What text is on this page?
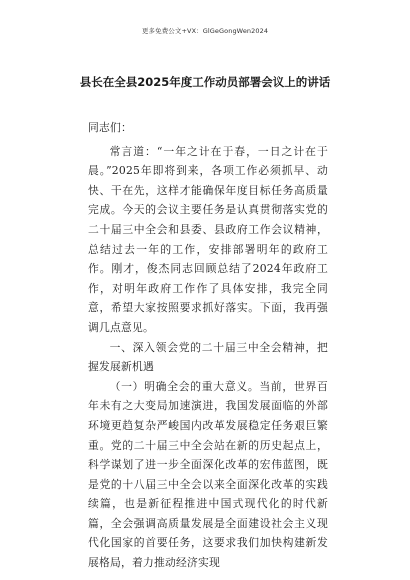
更多免费公文+VX：GlGeGongWen2024
县长在全县2025年度工作动员部署会议上的讲话

同志们：

常言道：“一年之计在于春，一日之计在于晨。”2025年即将到来，各项工作必须抓早、动快、干在先，这样才能确保年度目标任务高质量完成。今天的会议主要任务是认真贯彻落实党的二十届三中全会和县委、县政府工作会议精神，总结过去一年的工作，安排部署明年的政府工作。刚才，俊杰同志回顾总结了2024年政府工作，对明年政府工作作了具体安排，我完全同意，希望大家按照要求抓好落实。下面，我再强调几点意见。

一、深入领会党的二十届三中全会精神，把握发展新机遇

（一）明确全会的重大意义。当前，世界百年未有之大变局加速演进，我国发展面临的外部环境更趋复杂严峻国内改革发展稳定任务艰巨繁重。党的二十届三中全会站在新的历史起点上，科学谋划了进一步全面深化改革的宏伟蓝图，既是党的十八届三中全会以来全面深化改革的实践续篇，也是新征程推进中国式现代化的时代新篇，全会强调高质量发展是全面建设社会主义现代化国家的首要任务，这要求我们加快构建新发展格局，着力推动经济实现
